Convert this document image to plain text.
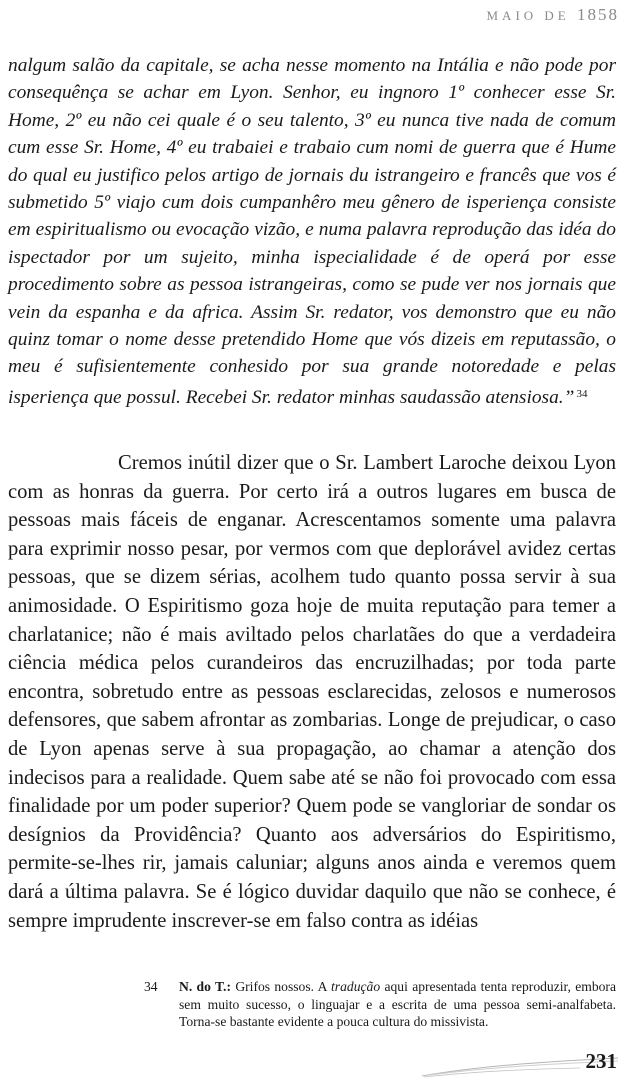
MAIO DE 1858

nalgum salão da capitale, se acha nesse momento na Intália e não pode por consequênça se achar em Lyon. Senhor, eu ingnoro 1º conhecer esse Sr. Home, 2º eu não cei quale é o seu talento, 3º eu nunca tive nada de comum cum esse Sr. Home, 4º eu trabaiei e trabaio cum nomi de guerra que é Hume do qual eu justifico pelos artigo de jornais du istrangeiro e francês que vos é submetido 5º viajo cum dois cumpanhêro meu gênero de isperiença consiste em espiritualismo ou evocação vizão, e numa palavra reprodução das idéa do ispectador por um sujeito, minha ispecialidade é de operá por esse procedimento sobre as pessoa istrangeiras, como se pude ver nos jornais que vein da espanha e da africa. Assim Sr. redator, vos demonstro que eu não quinz tomar o nome desse pretendido Home que vós dizeis em reputassão, o meu é sufisientemente conhesido por sua grande notoredade e pelas isperiença que possul. Recebei Sr. redator minhas saudassão atensiosa.” $^{34}$

Cremos inútil dizer que o Sr. Lambert Laroche deixou Lyon com as honras da guerra. Por certo irá a outros lugares em busca de pessoas mais fáceis de enganar. Acrescentamos somente uma palavra para exprimir nosso pesar, por vermos com que deplorável avidez certas pessoas, que se dizem sérias, acolhem tudo quanto possa servir à sua animosidade. O Espiritismo goza hoje de muita reputação para temer a charlatanice; não é mais aviltado pelos charlatães do que a verdadeira ciência médica pelos curandeiros das encruzilhadas; por toda parte encontra, sobretudo entre as pessoas esclarecidas, zelosos e numerosos defensores, que sabem afrontar as zombarias. Longe de prejudicar, o caso de Lyon apenas serve à sua propagação, ao chamar a atenção dos indecisos para a realidade. Quem sabe até se não foi provocado com essa finalidade por um poder superior? Quem pode se vangloriar de sondar os desígnios da Providência? Quanto aos adversários do Espiritismo, permite-se-lhes rir, jamais caluniar; alguns anos ainda e veremos quem dará a última palavra. Se é lógico duvidar daquilo que não se conhece, é sempre imprudente inscrever-se em falso contra as idéias

34	N. do T.: Grifos nossos. A tradução aqui apresentada tenta reproduzir, embora sem muito sucesso, o linguajar e a escrita de uma pessoa semi-analfabeta. Torna-se bastante evidente a pouca cultura do missivista.
231
